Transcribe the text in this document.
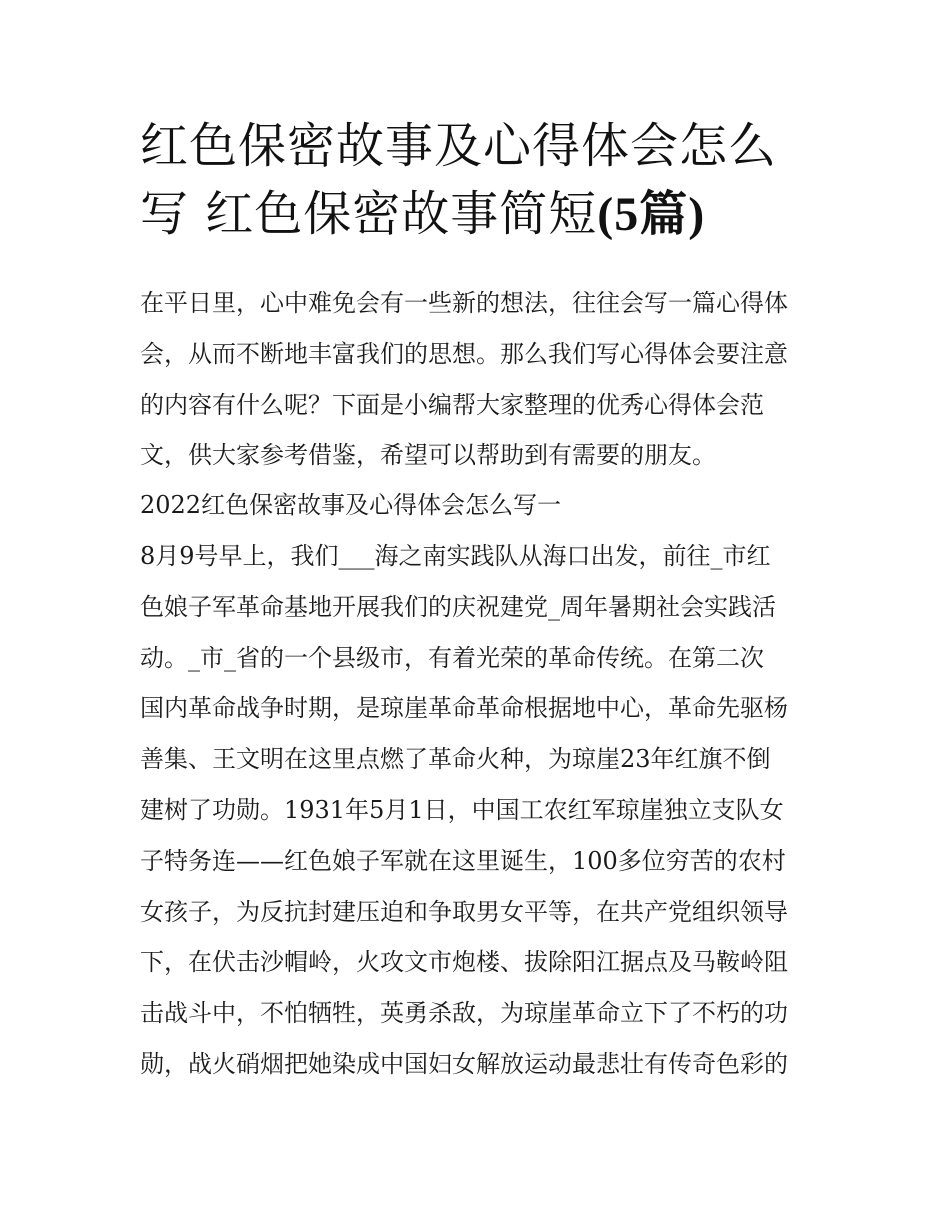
红色保密故事及心得体会怎么
写 红色保密故事简短(5篇)
在平日里，心中难免会有一些新的想法，往往会写一篇心得体
会，从而不断地丰富我们的思想。那么我们写心得体会要注意
的内容有什么呢？下面是小编帮大家整理的优秀心得体会范
文，供大家参考借鉴，希望可以帮助到有需要的朋友。
2022红色保密故事及心得体会怎么写一
8月9号早上，我们___海之南实践队从海口出发，前往_市红
色娘子军革命基地开展我们的庆祝建党_周年暑期社会实践活
动。_市_省的一个县级市，有着光荣的革命传统。在第二次
国内革命战争时期，是琼崖革命革命根据地中心，革命先驱杨
善集、王文明在这里点燃了革命火种，为琼崖23年红旗不倒
建树了功勋。1931年5月1日，中国工农红军琼崖独立支队女
子特务连——红色娘子军就在这里诞生，100多位穷苦的农村
女孩子，为反抗封建压迫和争取男女平等，在共产党组织领导
下，在伏击沙帽岭，火攻文市炮楼、拔除阳江据点及马鞍岭阻
击战斗中，不怕牺牲，英勇杀敌，为琼崖革命立下了不朽的功
勋，战火硝烟把她染成中国妇女解放运动最悲壮有传奇色彩的
